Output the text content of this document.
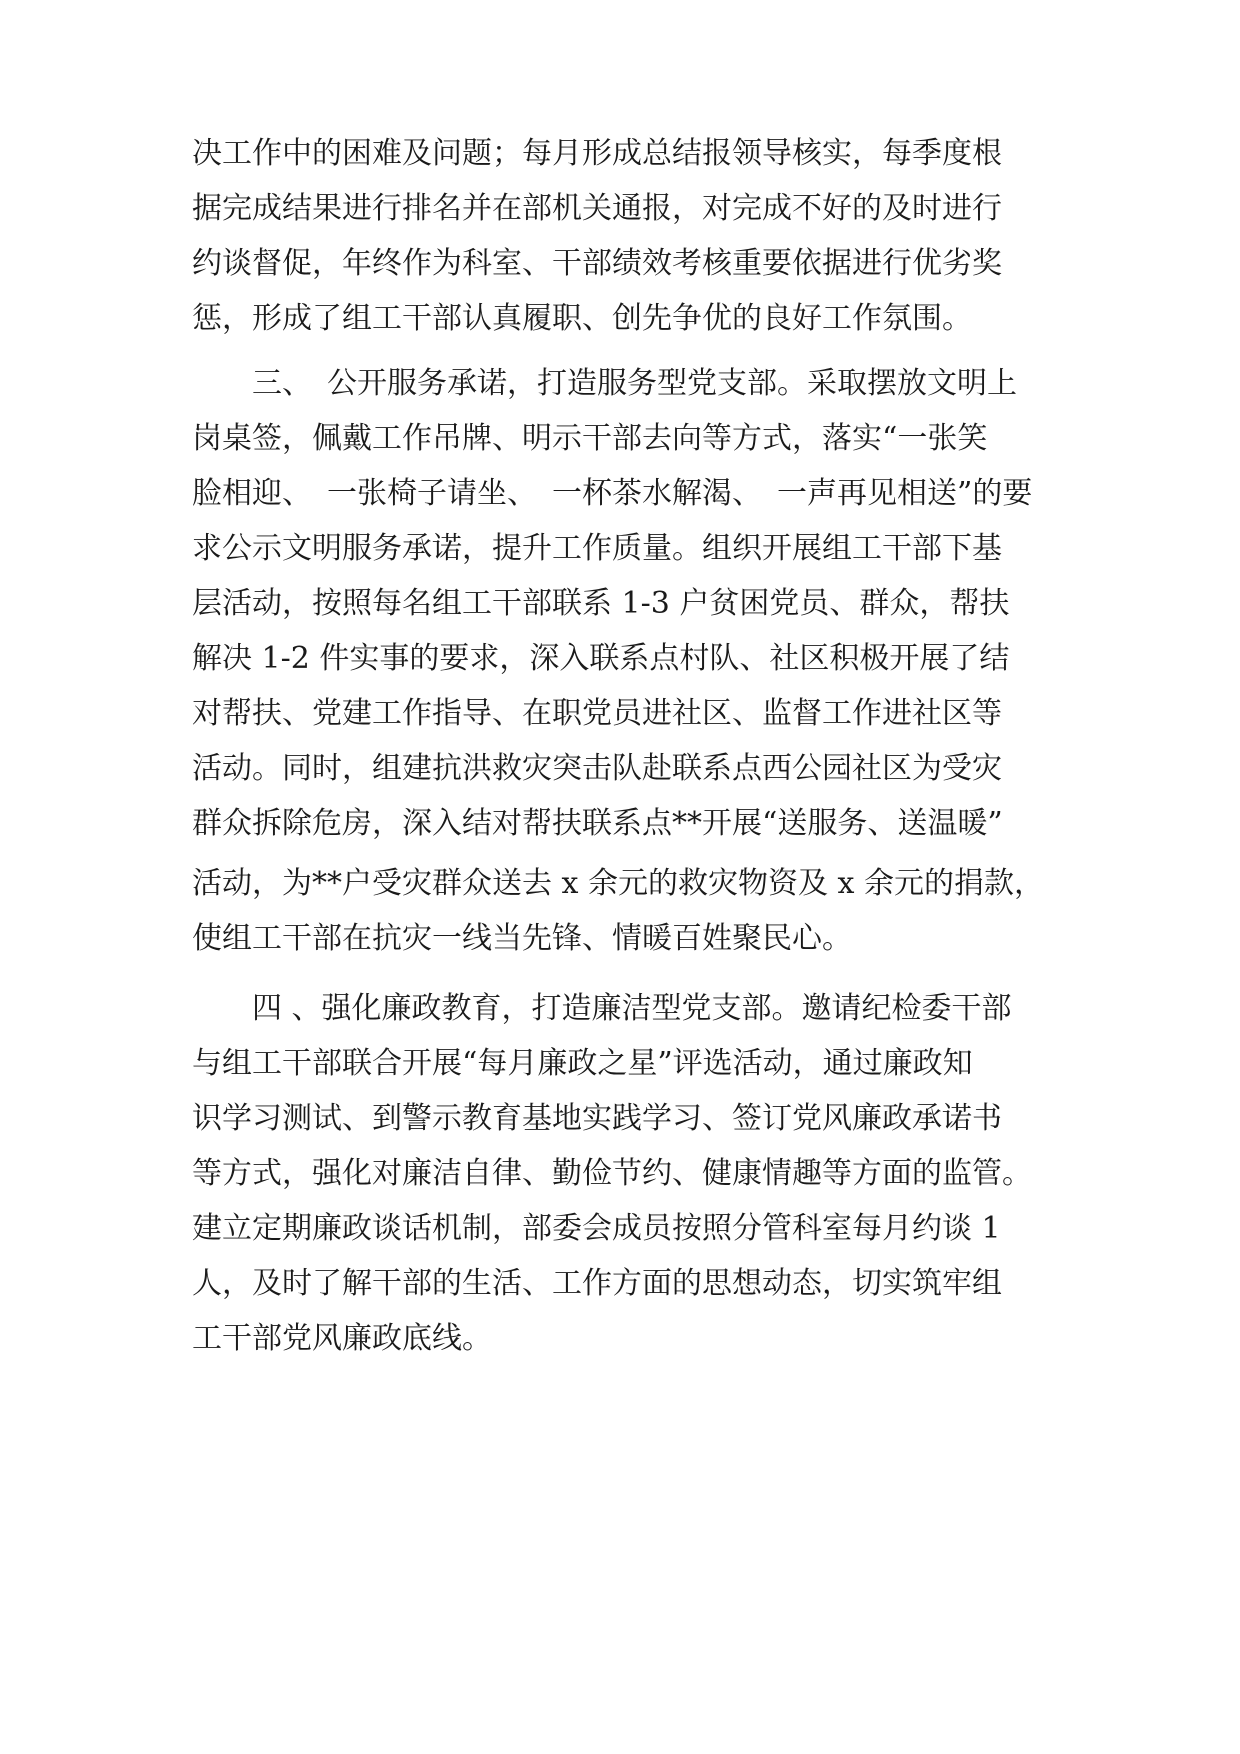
决工作中的困难及问题；每月形成总结报领导核实，每季度根
据完成结果进行排名并在部机关通报，对完成不好的及时进行
约谈督促，年终作为科室、干部绩效考核重要依据进行优劣奖
惩，形成了组工干部认真履职、创先争优的良好工作氛围。
三、　公开服务承诺，打造服务型党支部。采取摆放文明上
岗桌签，佩戴工作吊牌、明示干部去向等方式，落实“一张笑
脸相迎、　一张椅子请坐、　一杯茶水解渴、　一声再见相送”的要
求公示文明服务承诺，提升工作质量。组织开展组工干部下基
层活动，按照每名组工干部联系 1-3 户贫困党员、群众，帮扶
解决 1-2 件实事的要求，深入联系点村队、社区积极开展了结
对帮扶、党建工作指导、在职党员进社区、监督工作进社区等
活动。同时，组建抗洪救灾突击队赴联系点西公园社区为受灾
群众拆除危房，深入结对帮扶联系点**开展“送服务、送温暖”
活动，为**户受灾群众送去 x 余元的救灾物资及 x 余元的捐款，
使组工干部在抗灾一线当先锋、情暖百姓聚民心。
四 、强化廉政教育，打造廉洁型党支部。邀请纪检委干部
与组工干部联合开展“每月廉政之星”评选活动，通过廉政知
识学习测试、到警示教育基地实践学习、签订党风廉政承诺书
等方式，强化对廉洁自律、勤俭节约、健康情趣等方面的监管。
建立定期廉政谈话机制，部委会成员按照分管科室每月约谈 1
人，及时了解干部的生活、工作方面的思想动态，切实筑牢组
工干部党风廉政底线。
